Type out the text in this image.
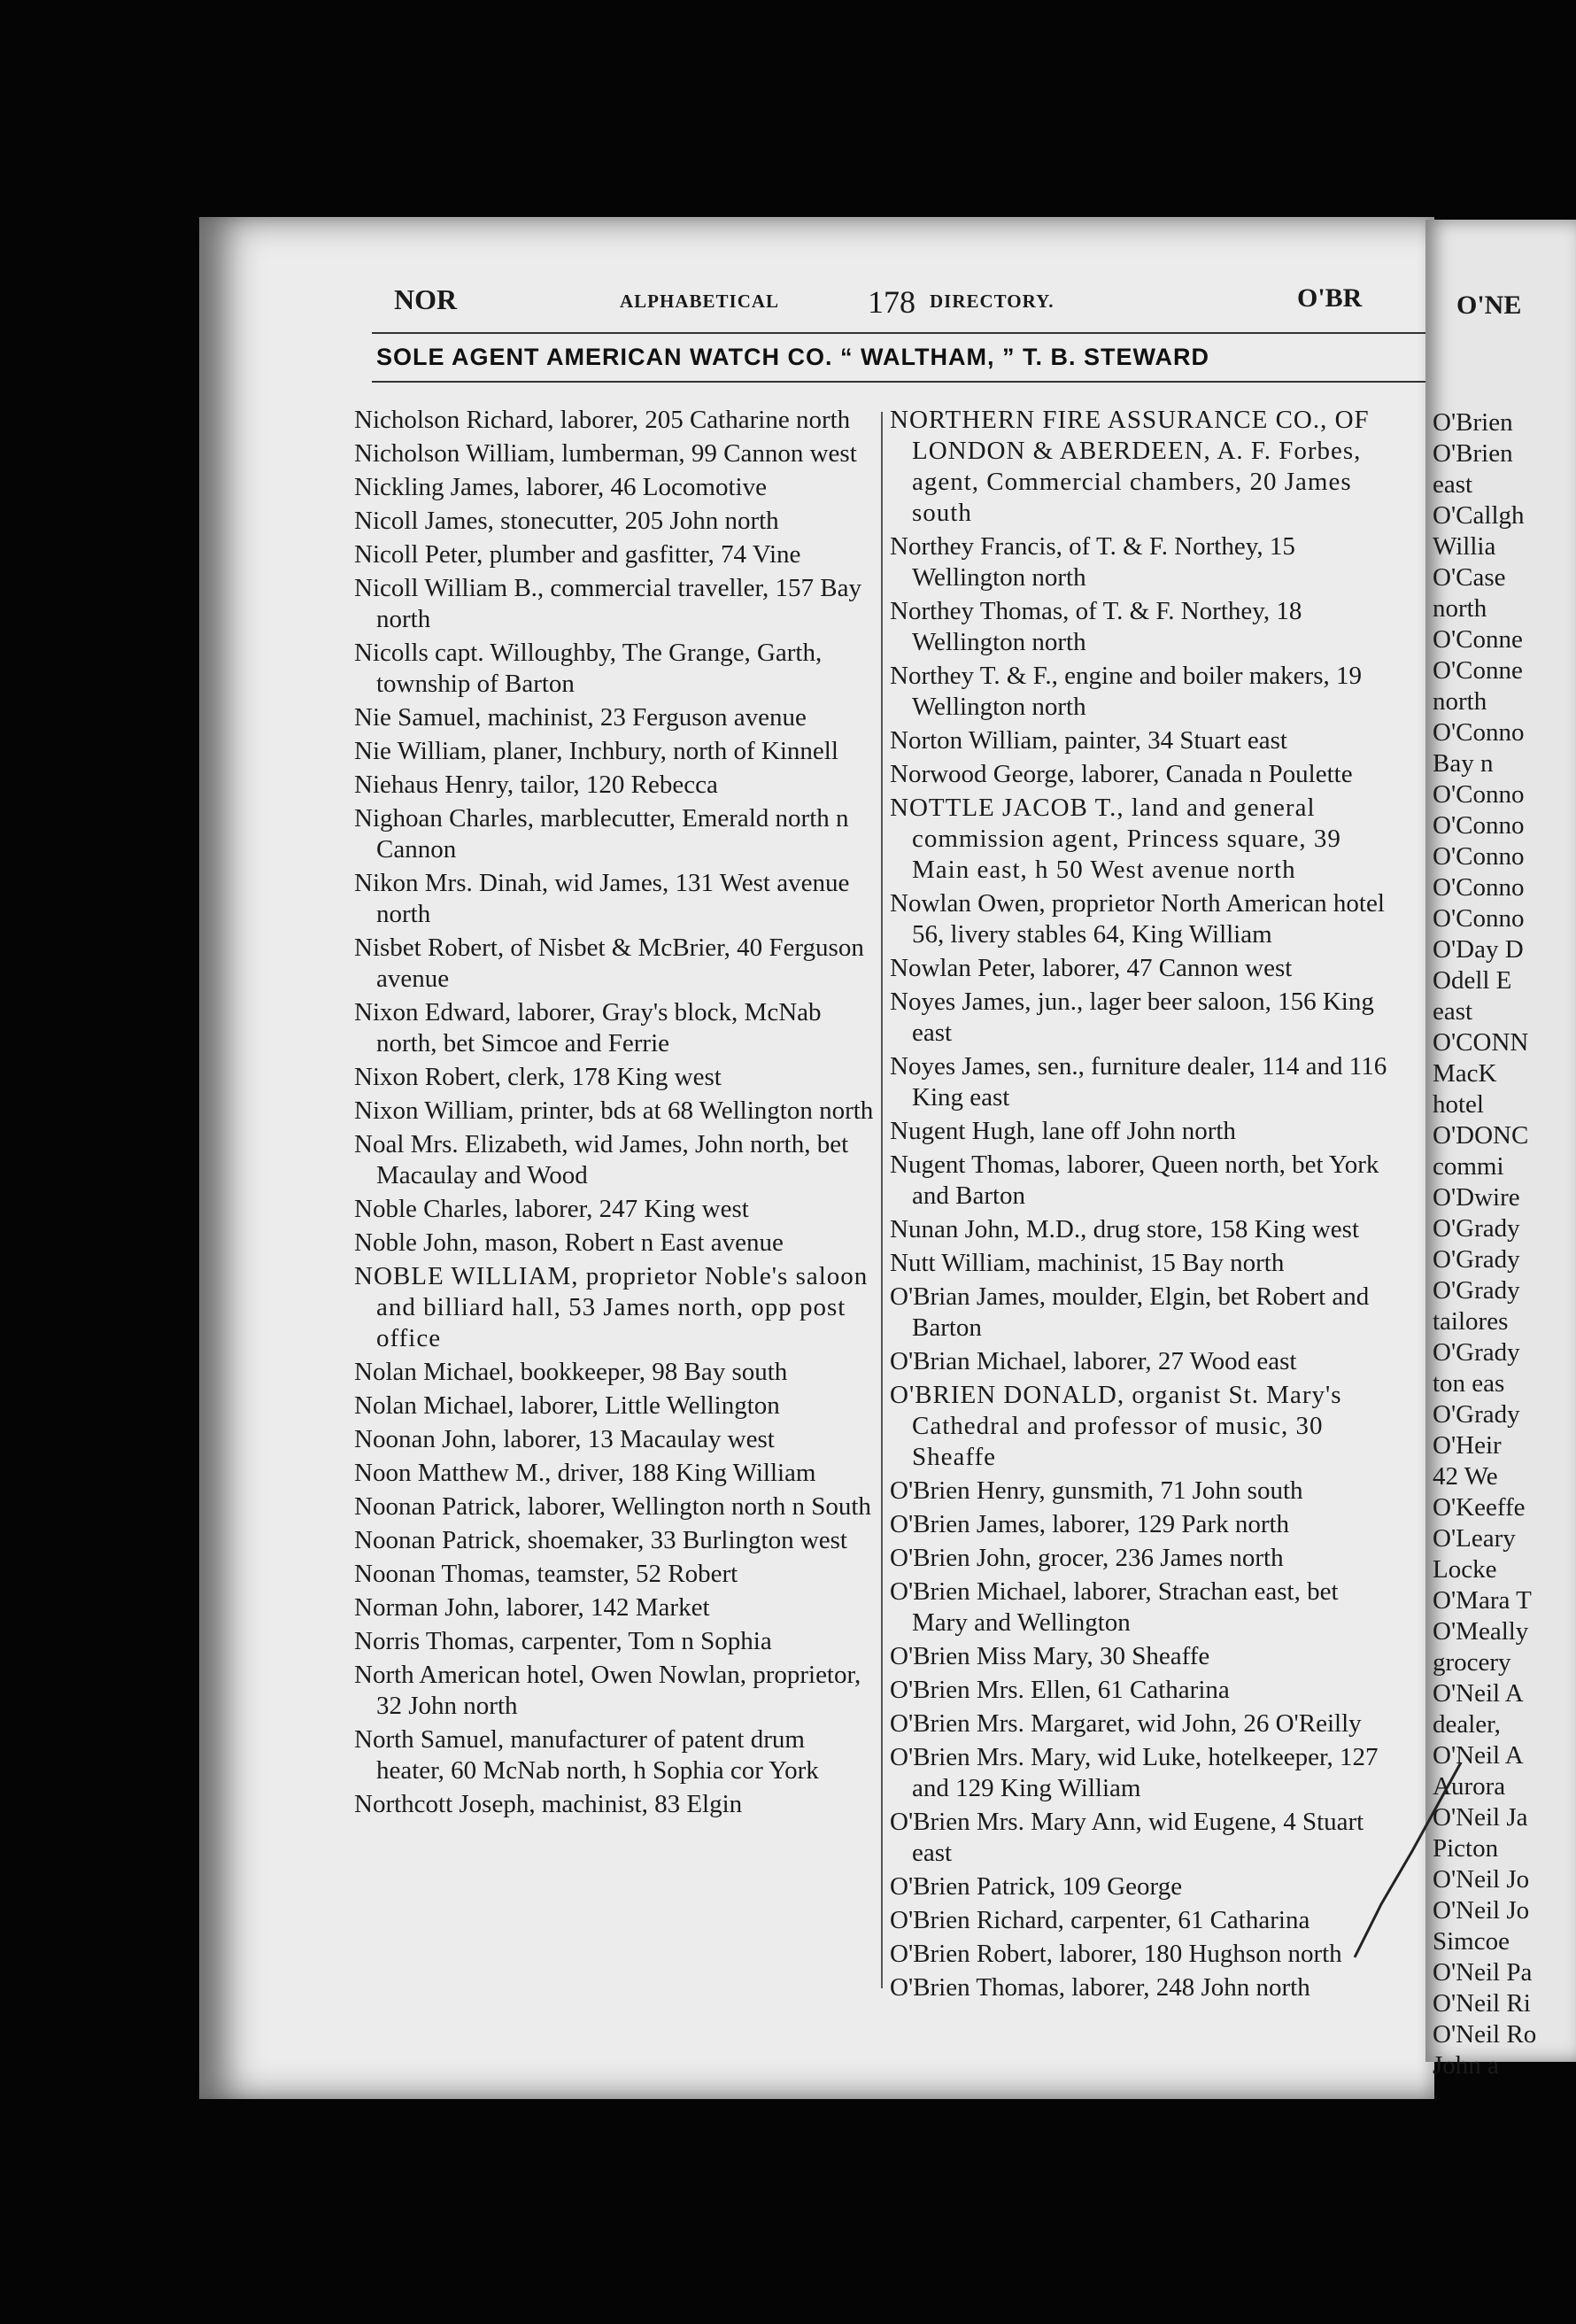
NOR	ALPHABETICAL	178 DIRECTORY.	O'BR
SOLE AGENT AMERICAN WATCH CO. “ WALTHAM, ” T. B. STEWARD
Nicholson Richard, laborer, 205 Catharine north
Nicholson William, lumberman, 99 Cannon west
Nickling James, laborer, 46 Locomotive
Nicoll James, stonecutter, 205 John north
Nicoll Peter, plumber and gasfitter, 74 Vine
Nicoll William B., commercial traveller, 157 Bay north
Nicolls capt. Willoughby, The Grange, Garth, township of Barton
Nie Samuel, machinist, 23 Ferguson avenue
Nie William, planer, Inchbury, north of Kinnell
Niehaus Henry, tailor, 120 Rebecca
Nighoan Charles, marblecutter, Emerald north n Cannon
Nikon Mrs. Dinah, wid James, 131 West avenue north
Nisbet Robert, of Nisbet & McBrier, 40 Ferguson avenue
Nixon Edward, laborer, Gray's block, McNab north, bet Simcoe and Ferrie
Nixon Robert, clerk, 178 King west
Nixon William, printer, bds at 68 Wellington north
Noal Mrs. Elizabeth, wid James, John north, bet Macaulay and Wood
Noble Charles, laborer, 247 King west
Noble John, mason, Robert n East avenue
NOBLE WILLIAM, proprietor Noble's saloon and billiard hall, 53 James north, opp post office
Nolan Michael, bookkeeper, 98 Bay south
Nolan Michael, laborer, Little Wellington
Noonan John, laborer, 13 Macaulay west
Noon Matthew M., driver, 188 King William
Noonan Patrick, laborer, Wellington north n South
Noonan Patrick, shoemaker, 33 Burlington west
Noonan Thomas, teamster, 52 Robert
Norman John, laborer, 142 Market
Norris Thomas, carpenter, Tom n Sophia
North American hotel, Owen Nowlan, proprietor, 32 John north
North Samuel, manufacturer of patent drum heater, 60 McNab north, h Sophia cor York
Northcott Joseph, machinist, 83 Elgin
NORTHERN FIRE ASSURANCE CO., OF LONDON & ABERDEEN, A. F. Forbes, agent, Commercial chambers, 20 James south
Northey Francis, of T. & F. Northey, 15 Wellington north
Northey Thomas, of T. & F. Northey, 18 Wellington north
Northey T. & F., engine and boiler makers, 19 Wellington north
Norton William, painter, 34 Stuart east
Norwood George, laborer, Canada n Poulette
NOTTLE JACOB T., land and general commission agent, Princess square, 39 Main east, h 50 West avenue north
Nowlan Owen, proprietor North American hotel 56, livery stables 64, King William
Nowlan Peter, laborer, 47 Cannon west
Noyes James, jun., lager beer saloon, 156 King east
Noyes James, sen., furniture dealer, 114 and 116 King east
Nugent Hugh, lane off John north
Nugent Thomas, laborer, Queen north, bet York and Barton
Nunan John, M.D., drug store, 158 King west
Nutt William, machinist, 15 Bay north
O'Brian James, moulder, Elgin, bet Robert and Barton
O'Brian Michael, laborer, 27 Wood east
O'BRIEN DONALD, organist St. Mary's Cathedral and professor of music, 30 Sheaffe
O'Brien Henry, gunsmith, 71 John south
O'Brien James, laborer, 129 Park north
O'Brien John, grocer, 236 James north
O'Brien Michael, laborer, Strachan east, bet Mary and Wellington
O'Brien Miss Mary, 30 Sheaffe
O'Brien Mrs. Ellen, 61 Catharina
O'Brien Mrs. Margaret, wid John, 26 O'Reilly
O'Brien Mrs. Mary, wid Luke, hotelkeeper, 127 and 129 King William
O'Brien Mrs. Mary Ann, wid Eugene, 4 Stuart east
O'Brien Patrick, 109 George
O'Brien Richard, carpenter, 61 Catharina
O'Brien Robert, laborer, 180 Hughson north
O'Brien Thomas, laborer, 248 John north
O'NE
O'Brien
O'Brien
east
O'Callgh
Willia
O'Case
north
O'Conne
O'Conne
north
O'Conno
Bay n
O'Conno
O'Conno
O'Conno
O'Conno
O'Conno
O'Day D
Odell E
east
O'CONN
MacK
hotel
O'DONC
commi
O'Dwire
O'Grady
O'Grady
O'Grady
tailores
O'Grady
ton eas
O'Grady
O'Heir
42 We
O'Keeffe
O'Leary
Locke
O'Mara T
O'Meally
grocery
O'Neil A
dealer,
O'Neil A
Aurora
O'Neil Ja
Picton
O'Neil Jo
O'Neil Jo
Simcoe
O'Neil Pa
O'Neil Ri
O'Neil Ro
John a
